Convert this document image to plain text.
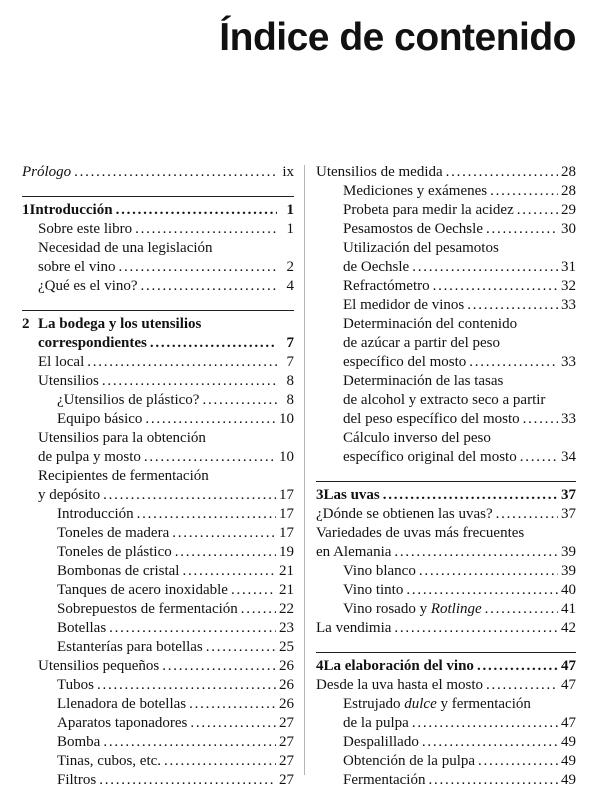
Índice de contenido
Prólogo . . .	ix
1 Introducción . . .	1
Sobre este libro . . .	1
Necesidad de una legislación
sobre el vino . . .	2
¿Qué es el vino? . . .	4
2 La bodega y los utensilios
correspondientes . . .	7
El local . . .	7
Utensilios . . .	8
¿Utensilios de plástico? . . .	8
Equipo básico . . .	10
Utensilios para la obtención
de pulpa y mosto . . .	10
Recipientes de fermentación
y depósito . . .	17
Introducción . . .	17
Toneles de madera . . .	17
Toneles de plástico . . .	19
Bombonas de cristal . . .	21
Tanques de acero inoxidable . . .	21
Sobrepuestos de fermentación . . .	22
Botellas . . .	23
Estanterías para botellas . . .	25
Utensilios pequeños . . .	26
Tubos . . .	26
Llenadora de botellas . . .	26
Aparatos taponadores . . .	27
Bomba . . .	27
Tinas, cubos, etc. . . .	27
Filtros . . .	27
Utensilios de medida . . .	28
Mediciones y exámenes . . .	28
Probeta para medir la acidez . . .	29
Pesamostos de Oechsle . . .	30
Utilización del pesamotos
de Oechsle . . .	31
Refractómetro . . .	32
El medidor de vinos . . .	33
Determinación del contenido
de azúcar a partir del peso
específico del mosto . . .	33
Determinación de las tasas
de alcohol y extracto seco a partir
del peso específico del mosto . . .	33
Cálculo inverso del peso
específico original del mosto . . .	34
3 Las uvas . . .	37
¿Dónde se obtienen las uvas? . . .	37
Variedades de uvas más frecuentes
en Alemania . . .	39
Vino blanco . . .	39
Vino tinto . . .	40
Vino rosado y Rotlinge . . .	41
La vendimia . . .	42
4 La elaboración del vino . . .	47
Desde la uva hasta el mosto . . .	47
Estrujado dulce y fermentación
de la pulpa . . .	47
Despalillado . . .	49
Obtención de la pulpa . . .	49
Fermentación . . .	49
